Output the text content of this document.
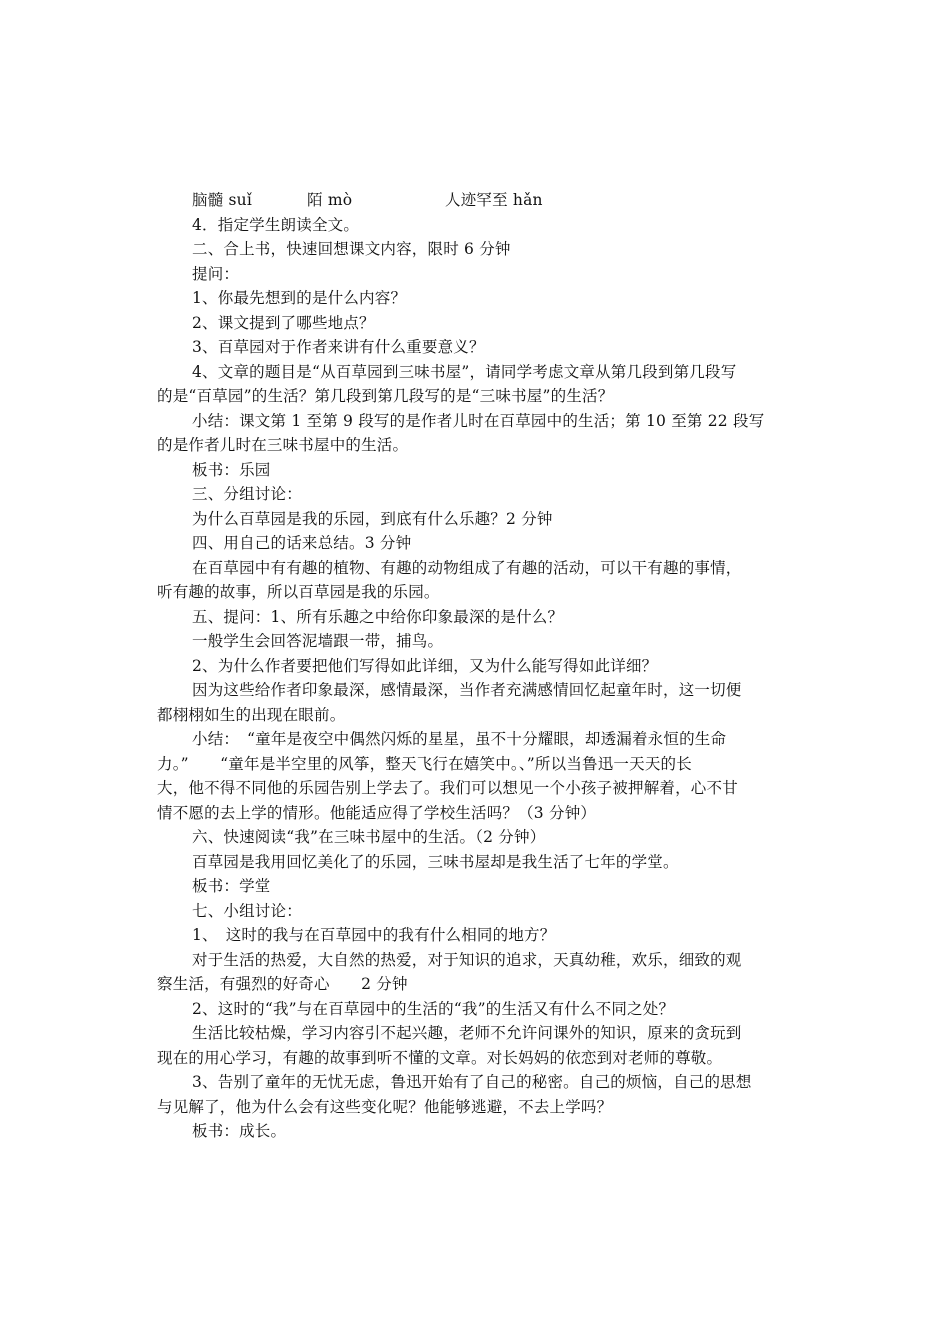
脑髓 suǐ	陌 mò	人迹罕至 hǎn
4．指定学生朗读全文。
二、合上书，快速回想课文内容，限时 6 分钟
提问：
1、你最先想到的是什么内容？
2、课文提到了哪些地点？
3、百草园对于作者来讲有什么重要意义？
4、文章的题目是“从百草园到三味书屋”，请同学考虑文章从第几段到第几段写
的是“百草园”的生活？第几段到第几段写的是“三味书屋”的生活？
小结：课文第 1 至第 9 段写的是作者儿时在百草园中的生活；第 10 至第 22 段写
的是作者儿时在三味书屋中的生活。
板书：乐园
三、分组讨论：
为什么百草园是我的乐园，到底有什么乐趣？2 分钟
四、用自己的话来总结。3 分钟
在百草园中有有趣的植物、有趣的动物组成了有趣的活动，可以干有趣的事情，
听有趣的故事，所以百草园是我的乐园。
五、提问：1、所有乐趣之中给你印象最深的是什么？
一般学生会回答泥墙跟一带，捕鸟。
2、为什么作者要把他们写得如此详细，又为什么能写得如此详细？
因为这些给作者印象最深，感情最深，当作者充满感情回忆起童年时，这一切便
都栩栩如生的出现在眼前。
小结：　“童年是夜空中偶然闪烁的星星，虽不十分耀眼，却透漏着永恒的生命
力。”　　“童年是半空里的风筝，整天飞行在嬉笑中。、”所以当鲁迅一天天的长
大，他不得不同他的乐园告别上学去了。我们可以想见一个小孩子被押解着，心不甘
情不愿的去上学的情形。他能适应得了学校生活吗？（3 分钟）
六、快速阅读“我”在三味书屋中的生活。（2 分钟）
百草园是我用回忆美化了的乐园，三味书屋却是我生活了七年的学堂。
板书：学堂
七、小组讨论：
1、　这时的我与在百草园中的我有什么相同的地方？
对于生活的热爱，大自然的热爱，对于知识的追求，天真幼稚，欢乐，细致的观
察生活，有强烈的好奇心　　2 分钟
2、这时的“我”与在百草园中的生活的“我”的生活又有什么不同之处？
生活比较枯燥，学习内容引不起兴趣，老师不允许问课外的知识，原来的贪玩到
现在的用心学习，有趣的故事到听不懂的文章。对长妈妈的依恋到对老师的尊敬。
3、告别了童年的无忧无虑，鲁迅开始有了自己的秘密。自己的烦恼，自己的思想
与见解了，他为什么会有这些变化呢？他能够逃避，不去上学吗？
板书：成长。
